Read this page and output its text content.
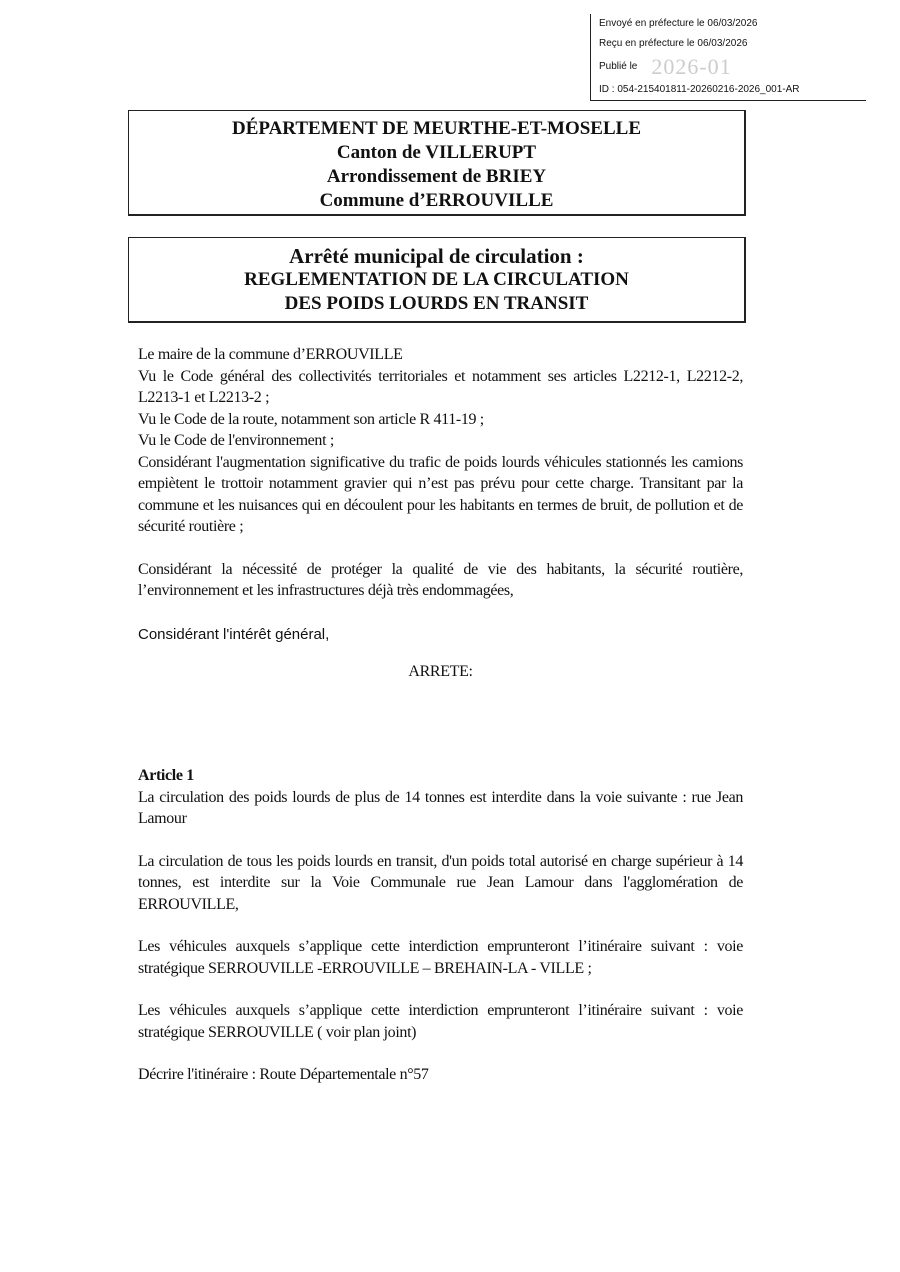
Envoyé en préfecture le 06/03/2026
Reçu en préfecture le 06/03/2026
Publié le 2026-01
ID : 054-215401811-20260216-2026_001-AR
DÉPARTEMENT DE MEURTHE-ET-MOSELLE
Canton de VILLERUPT
Arrondissement de BRIEY
Commune d’ERROUVILLE
Arrêté municipal de circulation :
REGLEMENTATION DE LA CIRCULATION
DES POIDS LOURDS EN TRANSIT

Le maire de la commune d’ERROUVILLE

Vu le Code général des collectivités territoriales et notamment ses articles L2212-1, L2212-2, L2213-1 et L2213-2 ;

Vu le Code de la route, notamment son article R 411-19 ;

Vu le Code de l'environnement ;

Considérant l'augmentation significative du trafic de poids lourds véhicules stationnés les camions empiètent le trottoir notamment gravier qui n’est pas prévu pour cette charge. Transitant par la commune et les nuisances qui en découlent pour les habitants en termes de bruit, de pollution et de sécurité routière ;

Considérant la nécessité de protéger la qualité de vie des habitants, la sécurité routière, l’environnement et les infrastructures déjà très endommagées,

Considérant l'intérêt général,

ARRETE:

Article 1

La circulation des poids lourds de plus de 14 tonnes est interdite dans la voie suivante : rue Jean Lamour

La circulation de tous les poids lourds en transit, d'un poids total autorisé en charge supérieur à 14 tonnes, est interdite sur la Voie Communale rue Jean Lamour dans l'agglomération de ERROUVILLE,

Les véhicules auxquels s’applique cette interdiction emprunteront l’itinéraire suivant : voie stratégique SERROUVILLE -ERROUVILLE – BREHAIN-LA - VILLE ;

Les véhicules auxquels s’applique cette interdiction emprunteront l’itinéraire suivant : voie stratégique SERROUVILLE ( voir plan joint)

Décrire l'itinéraire : Route Départementale n°57
